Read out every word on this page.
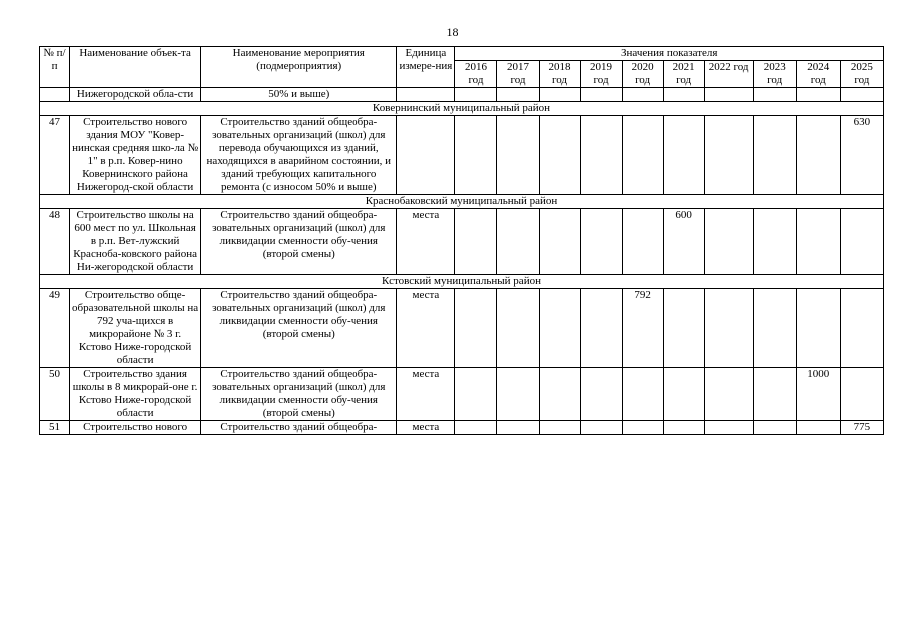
18
№ п/п	Наименование объек-та	Наименование мероприятия (подмероприятия)	Единица измере-ния	Значения показателя									
				2016 год	2017 год	2018 год	2019 год	2020 год	2021 год	2022 год	2023 год	2024 год	2025 год
	Нижегородской обла-сти	50% и выше)											
Ковернинский муниципальный район													
47	Строительство нового здания МОУ "Ковер-нинская средняя шко-ла № 1" в р.п. Ковер-нино Ковернинского района Нижегород-ской области	Строительство зданий общеобра-зовательных организаций (школ) для перевода обучающихся из зданий, находящихся в аварийном состоянии, и зданий требующих капитального ремонта (с износом 50% и выше)											630
Краснобаковский муниципальный район													
48	Строительство школы на 600 мест по ул. Школьная в р.п. Вет-лужский Красноба-ковского района Ни-жегородской области	Строительство зданий общеобра-зовательных организаций (школ) для ликвидации сменности обу-чения (второй смены)	места						600				
Кстовский муниципальный район													
49	Строительство обще-образовательной школы на 792 уча-щихся в микрорайоне № 3 г. Кстово Ниже-городской области	Строительство зданий общеобра-зовательных организаций (школ) для ликвидации сменности обу-чения (второй смены)	места					792					
50	Строительство здания школы в 8 микрорай-оне г. Кстово Ниже-городской области	Строительство зданий общеобра-зовательных организаций (школ) для ликвидации сменности обу-чения (второй смены)	места									1000	
51	Строительство нового	Строительство зданий общеобра-	места										775
